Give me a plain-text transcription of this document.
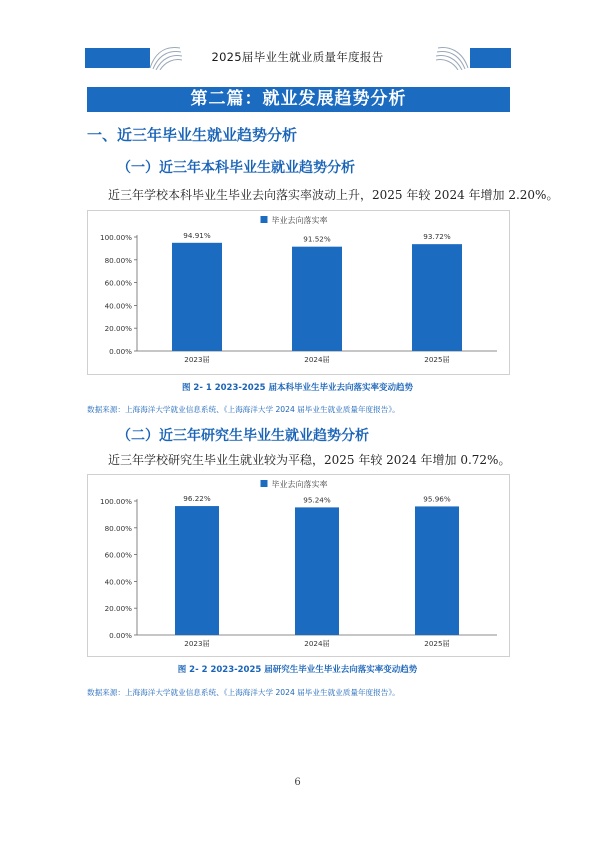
2025届毕业生就业质量年度报告
第二篇：就业发展趋势分析
一、近三年毕业生就业趋势分析
（一）近三年本科毕业生就业趋势分析
近三年学校本科毕业生毕业去向落实率波动上升，2025 年较 2024 年增加 2.20%。
毕业去向落实率
0.00%
20.00%
40.00%
60.00%
80.00%
100.00%	94.91%
2023届
91.52%
2024届
93.72%
2025届
图 2- 1 2023-2025 届本科毕业生毕业去向落实率变动趋势
数据来源：上海海洋大学就业信息系统、《上海海洋大学 2024 届毕业生就业质量年度报告》。
（二）近三年研究生毕业生就业趋势分析
近三年学校研究生毕业生就业较为平稳，2025 年较 2024 年增加 0.72%。
毕业去向落实率
0.00%
20.00%
40.00%
60.00%
80.00%
100.00%	96.22%
2023届
95.24%
2024届
95.96%
2025届
图 2- 2 2023-2025 届研究生毕业生毕业去向落实率变动趋势
数据来源：上海海洋大学就业信息系统、《上海海洋大学 2024 届毕业生就业质量年度报告》。
6
